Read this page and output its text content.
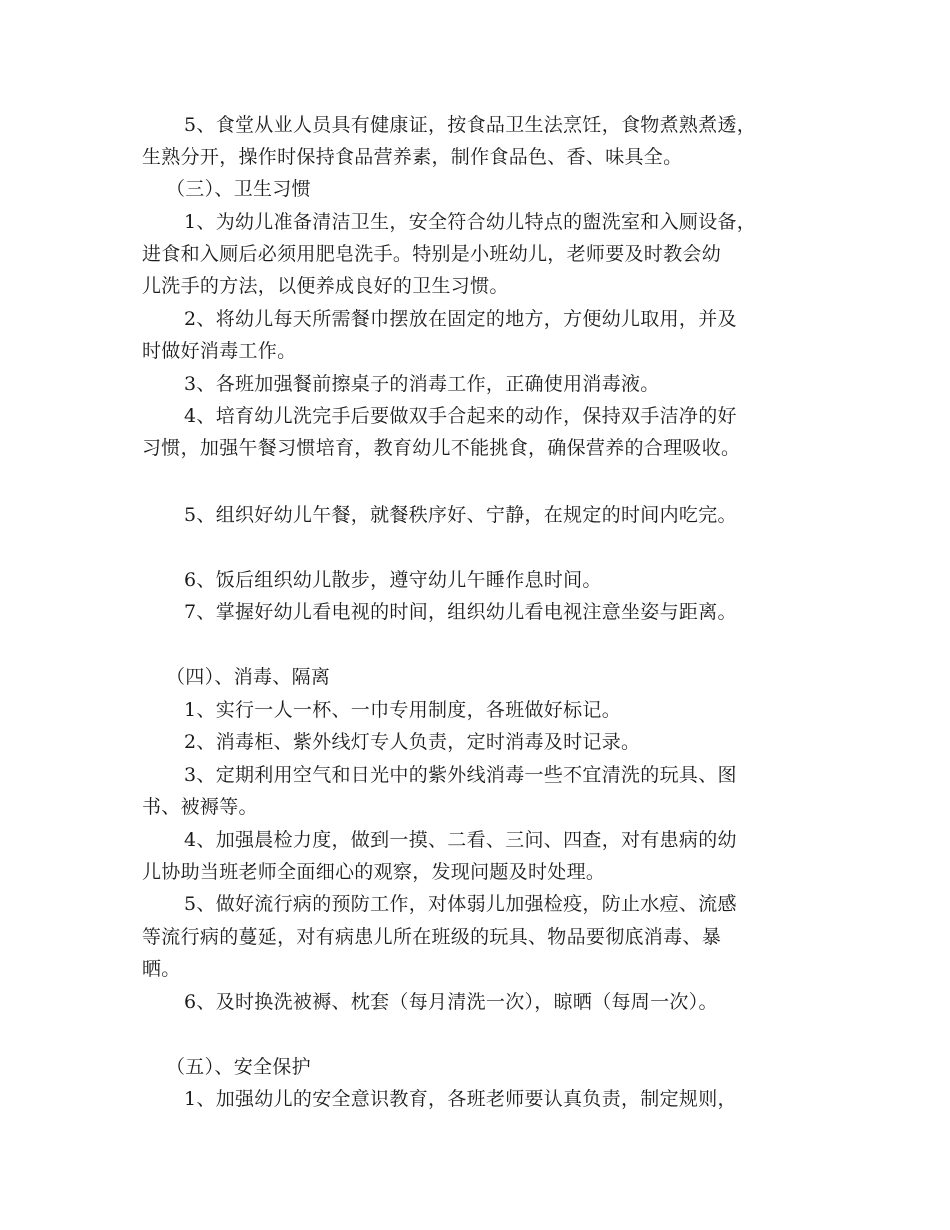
5、食堂从业人员具有健康证，按食品卫生法烹饪，食物煮熟煮透，
生熟分开，操作时保持食品营养素，制作食品色、香、味具全。
（三）、卫生习惯
1、为幼儿准备清洁卫生，安全符合幼儿特点的盥洗室和入厕设备，
进食和入厕后必须用肥皂洗手。特别是小班幼儿，老师要及时教会幼
儿洗手的方法，以便养成良好的卫生习惯。
2、将幼儿每天所需餐巾摆放在固定的地方，方便幼儿取用，并及
时做好消毒工作。
3、各班加强餐前擦桌子的消毒工作，正确使用消毒液。
4、培育幼儿洗完手后要做双手合起来的动作，保持双手洁净的好
习惯，加强午餐习惯培育，教育幼儿不能挑食，确保营养的合理吸收。
5、组织好幼儿午餐，就餐秩序好、宁静，在规定的时间内吃完。
6、饭后组织幼儿散步，遵守幼儿午睡作息时间。
7、掌握好幼儿看电视的时间，组织幼儿看电视注意坐姿与距离。
（四）、消毒、隔离
1、实行一人一杯、一巾专用制度，各班做好标记。
2、消毒柜、紫外线灯专人负责，定时消毒及时记录。
3、定期利用空气和日光中的紫外线消毒一些不宜清洗的玩具、图
书、被褥等。
4、加强晨检力度，做到一摸、二看、三问、四查，对有患病的幼
儿协助当班老师全面细心的观察，发现问题及时处理。
5、做好流行病的预防工作，对体弱儿加强检疫，防止水痘、流感
等流行病的蔓延，对有病患儿所在班级的玩具、物品要彻底消毒、暴
晒。
6、及时换洗被褥、枕套（每月清洗一次），晾晒（每周一次）。
（五）、安全保护
1、加强幼儿的安全意识教育，各班老师要认真负责，制定规则，
